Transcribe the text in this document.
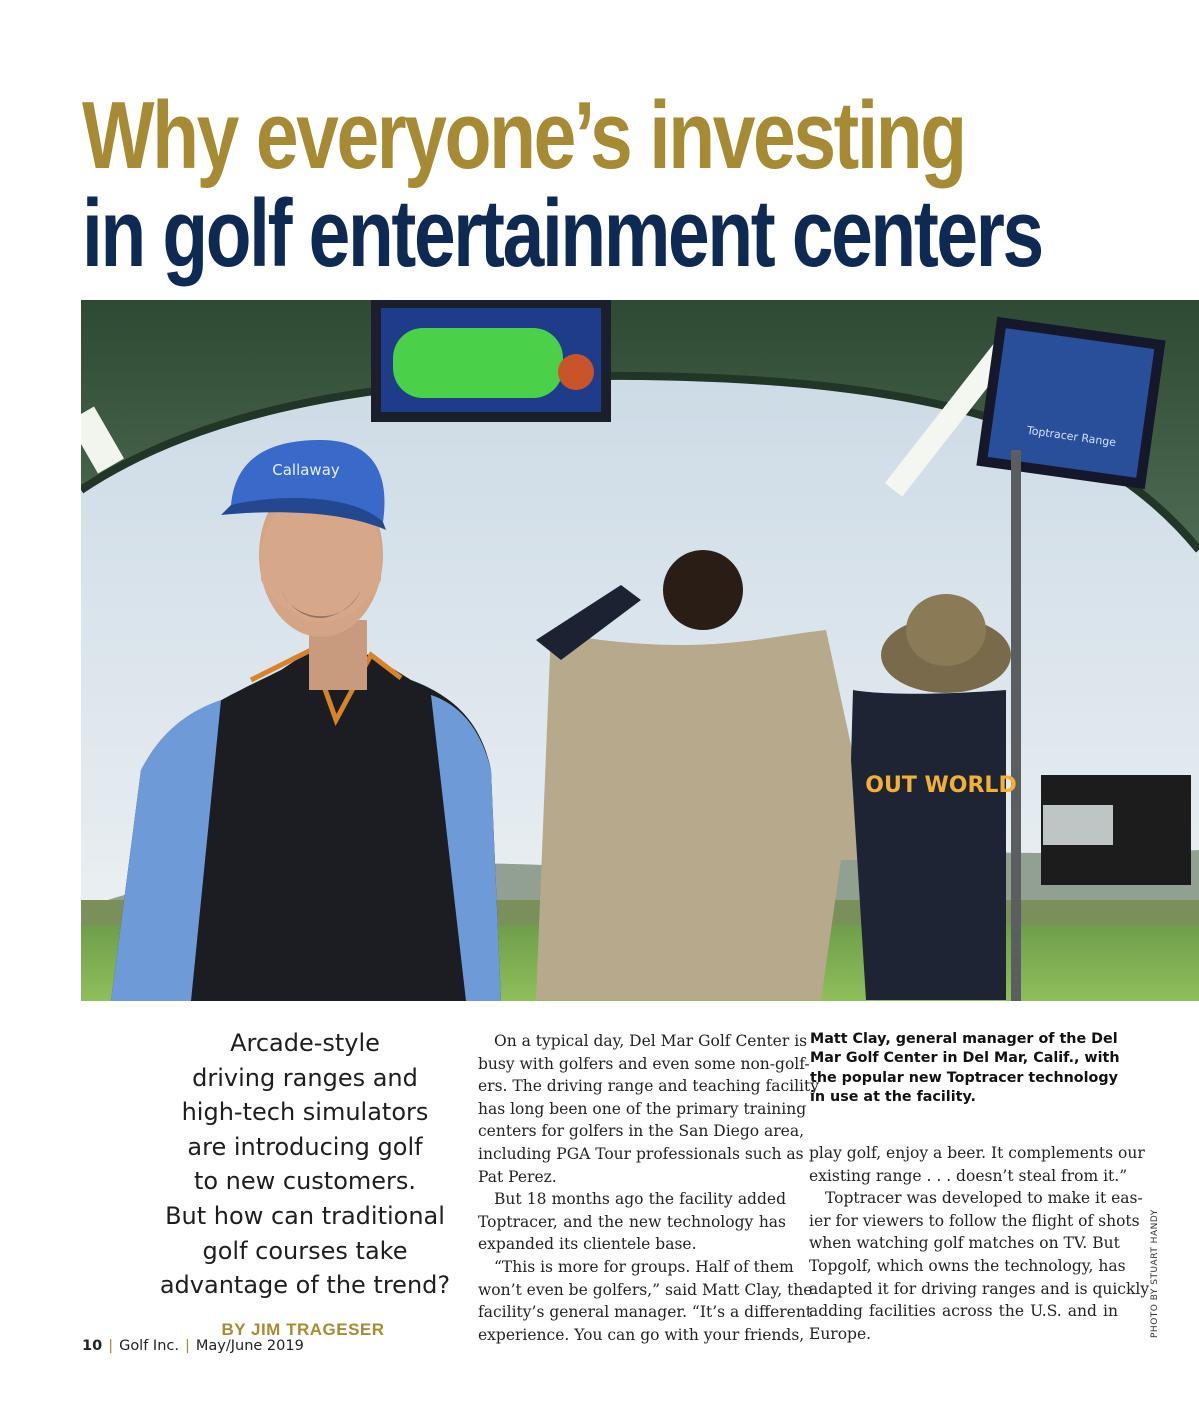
Why everyone’s investing
in golf entertainment centers
Toptracer Range
OUT WORLD
Callaway
Arcade-style
driving ranges and
high-tech simulators
are introducing golf
to new customers.
But how can traditional
golf courses take
advantage of the trend?
BY JIM TRAGESER
On a typical day, Del Mar Golf Center is
busy with golfers and even some non-golf-
ers. The driving range and teaching facility
has long been one of the primary training
centers for golfers in the San Diego area,
including PGA Tour professionals such as
Pat Perez.
But 18 months ago the facility added
Toptracer, and the new technology has
expanded its clientele base.
“This is more for groups. Half of them
won’t even be golfers,” said Matt Clay, the
facility’s general manager. “It’s a different
experience. You can go with your friends,
Matt Clay, general manager of the Del
Mar Golf Center in Del Mar, Calif., with
the popular new Toptracer technology
in use at the facility.
play golf, enjoy a beer. It complements our
existing range . . . doesn’t steal from it.”
Toptracer was developed to make it eas-
ier for viewers to follow the flight of shots
when watching golf matches on TV. But
Topgolf, which owns the technology, has
adapted it for driving ranges and is quickly
adding facilities across the U.S. and in
Europe.	PHOTO BY STUART HANDY
10 | Golf Inc. | May/June 2019
